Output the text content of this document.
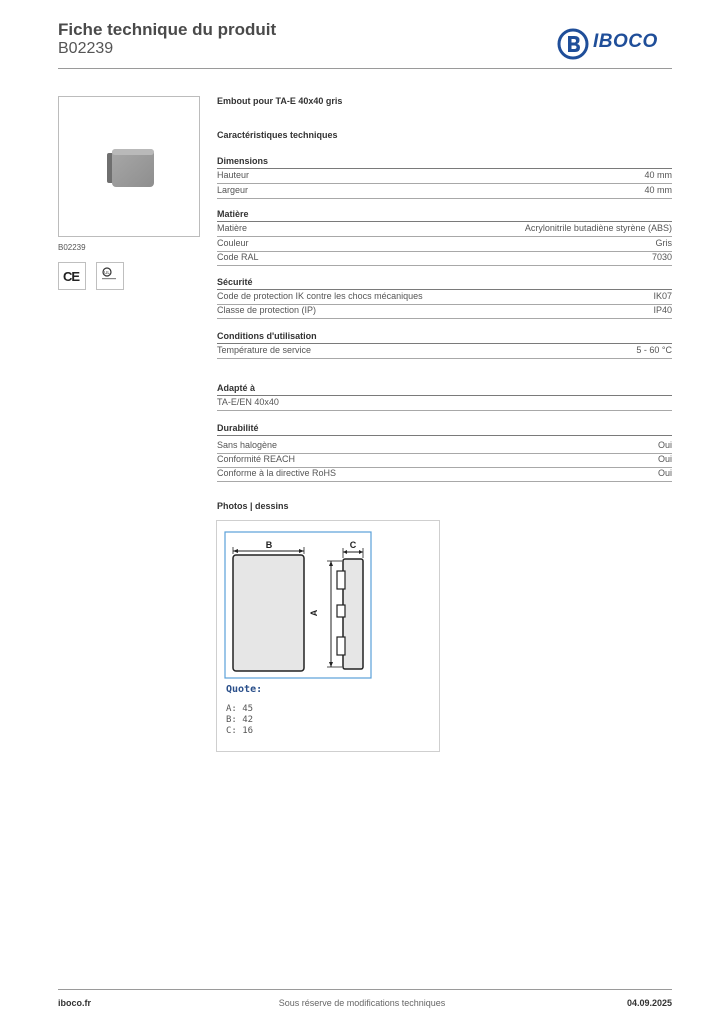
Fiche technique du produit
B02239	IBOCO
B02239
CE	UL
Embout pour TA-E 40x40 gris
Caractéristiques techniques
Dimensions
Hauteur	40 mm
Largeur	40 mm
Matière
Matière	Acrylonitrile butadiène styrène (ABS)
Couleur	Gris
Code RAL	7030
Sécurité
Code de protection IK contre les chocs mécaniques	IK07
Classe de protection (IP)	IP40
Conditions d'utilisation
Température de service	5 - 60 °C
Adapté à
TA-E/EN 40x40
Durabilité
Sans halogène	Oui
Conformité REACH	Oui
Conforme à la directive RoHS	Oui
Photos | dessins
B	C
A
Quote:
A: 45
B: 42
C: 16
iboco.fr	Sous réserve de modifications techniques	04.09.2025
